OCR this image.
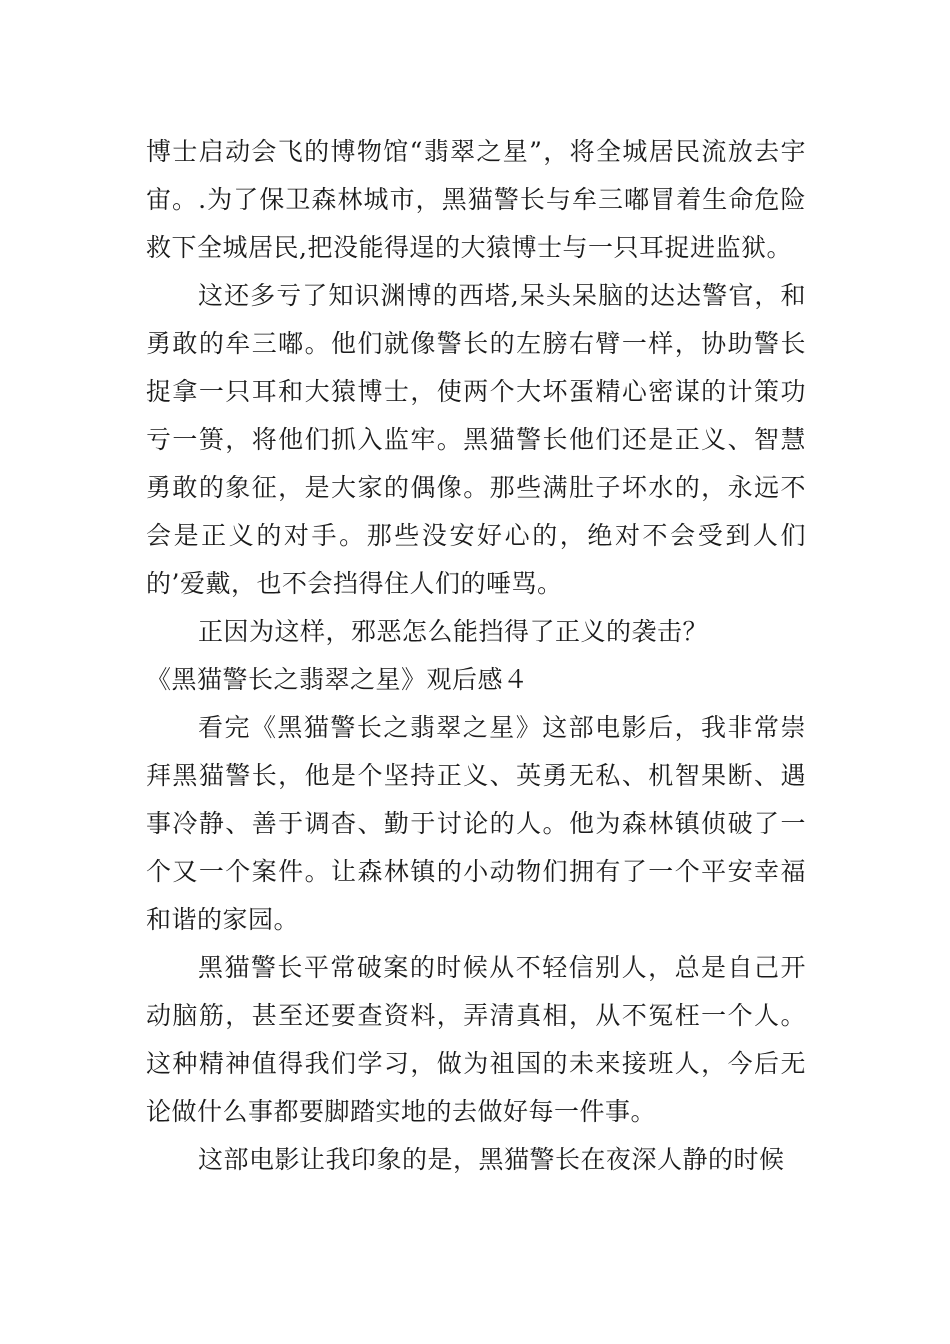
博士启动会飞的博物馆“翡翠之星”，将全城居民流放去宇宙。.为了保卫森林城市，黑猫警长与牟三嘟冒着生命危险救下全城居民,把没能得逞的大猿博士与一只耳捉进监狱。

这还多亏了知识渊博的西塔,呆头呆脑的达达警官，和勇敢的牟三嘟。他们就像警长的左膀右臂一样，协助警长捉拿一只耳和大猿博士，使两个大坏蛋精心密谋的计策功亏一篑，将他们抓入监牢。黑猫警长他们还是正义、智慧勇敢的象征，是大家的偶像。那些满肚子坏水的，永远不会是正义的对手。那些没安好心的，绝对不会受到人们的’爱戴，也不会挡得住人们的唾骂。

正因为这样，邪恶怎么能挡得了正义的袭击？

《黑猫警长之翡翠之星》观后感４

看完《黑猫警长之翡翠之星》这部电影后，我非常崇拜黑猫警长，他是个坚持正义、英勇无私、机智果断、遇事冷静、善于调杳、勤于讨论的人。他为森林镇侦破了一个又一个案件。让森林镇的小动物们拥有了一个平安幸福和谐的家园。

黑猫警长平常破案的时候从不轻信别人，总是自己开动脑筋，甚至还要查资料，弄清真相，从不冤枉一个人。这种精神值得我们学习，做为祖国的未来接班人，今后无论做什么事都要脚踏实地的去做好每一件事。

这部电影让我印象的是，黑猫警长在夜深人静的时候
